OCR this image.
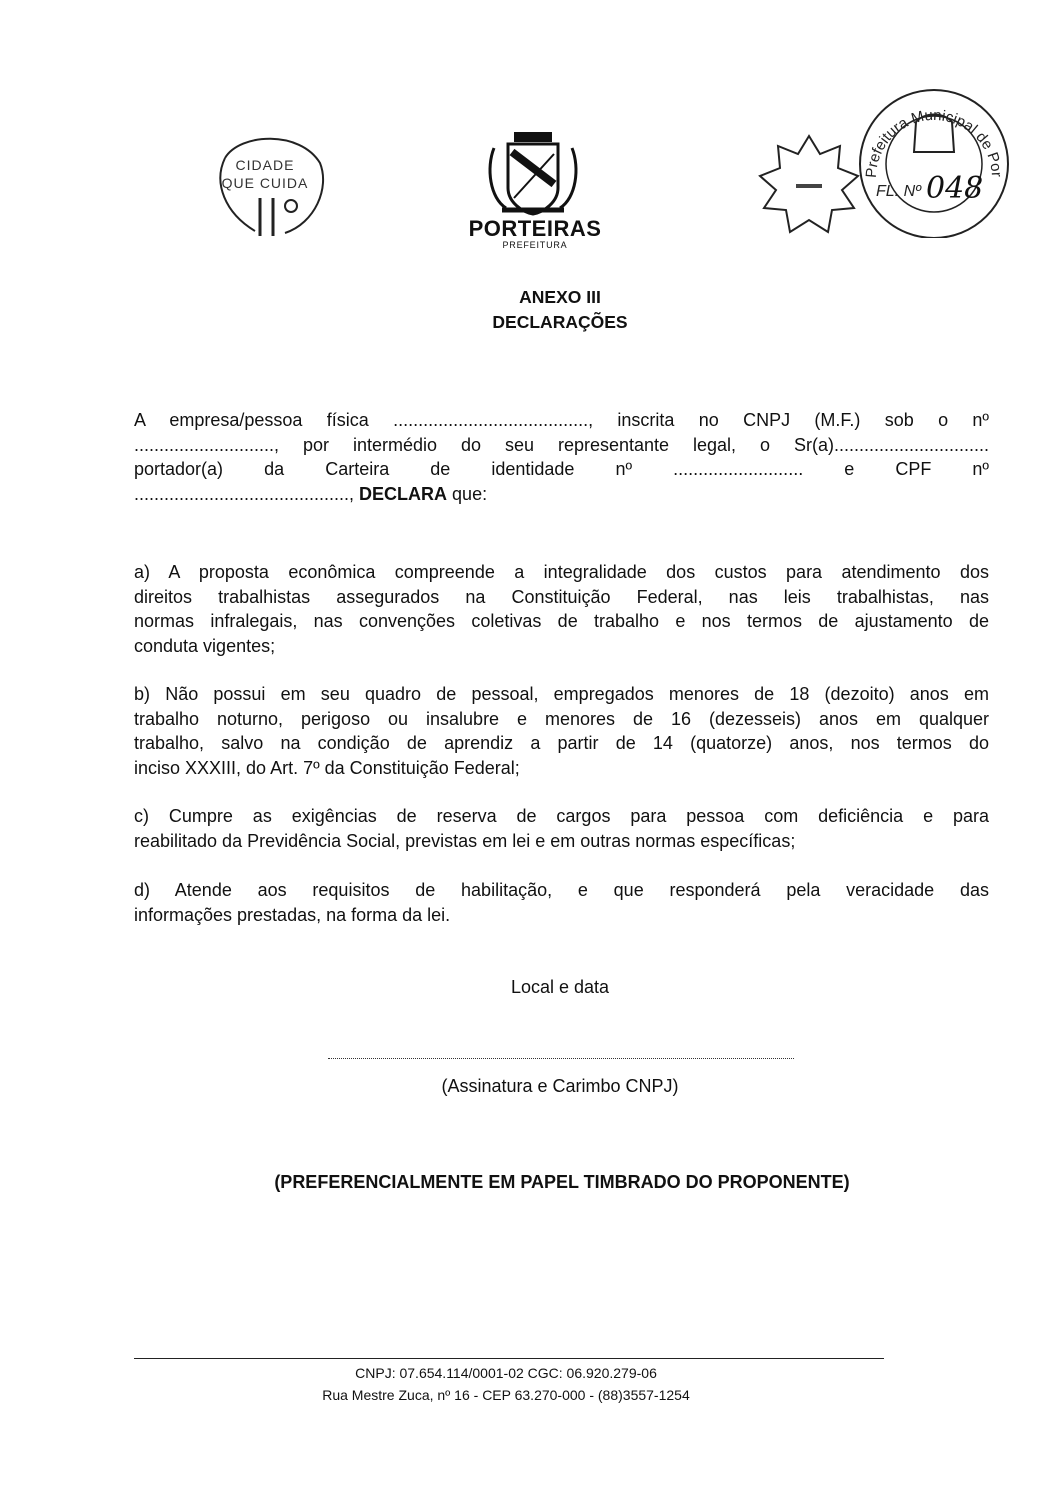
CIDADE
QUE CUIDA
PORTEIRAS
PREFEITURA
Prefeitura Municipal de Por
FL. Nº 048
ANEXO III
DECLARAÇÕES
A empresa/pessoa física ......................................., inscrita no CNPJ (M.F.) sob o nº
............................, por intermédio do seu representante legal, o Sr(a)...............................
portador(a) da Carteira de identidade nº .......................... e CPF nº
..........................................., DECLARA que:
a) A proposta econômica compreende a integralidade dos custos para atendimento dos
direitos trabalhistas assegurados na Constituição Federal, nas leis trabalhistas, nas
normas infralegais, nas convenções coletivas de trabalho e nos termos de ajustamento de
conduta vigentes;
b) Não possui em seu quadro de pessoal, empregados menores de 18 (dezoito) anos em
trabalho noturno, perigoso ou insalubre e menores de 16 (dezesseis) anos em qualquer
trabalho, salvo na condição de aprendiz a partir de 14 (quatorze) anos, nos termos do
inciso XXXIII, do Art. 7º da Constituição Federal;
c) Cumpre as exigências de reserva de cargos para pessoa com deficiência e para
reabilitado da Previdência Social, previstas em lei e em outras normas específicas;
d) Atende aos requisitos de habilitação, e que responderá pela veracidade das
informações prestadas, na forma da lei.
Local e data
(Assinatura e Carimbo CNPJ)
(PREFERENCIALMENTE EM PAPEL TIMBRADO DO PROPONENTE)
CNPJ: 07.654.114/0001-02 CGC: 06.920.279-06
Rua Mestre Zuca, nº 16 - CEP 63.270-000 - (88)3557-1254
